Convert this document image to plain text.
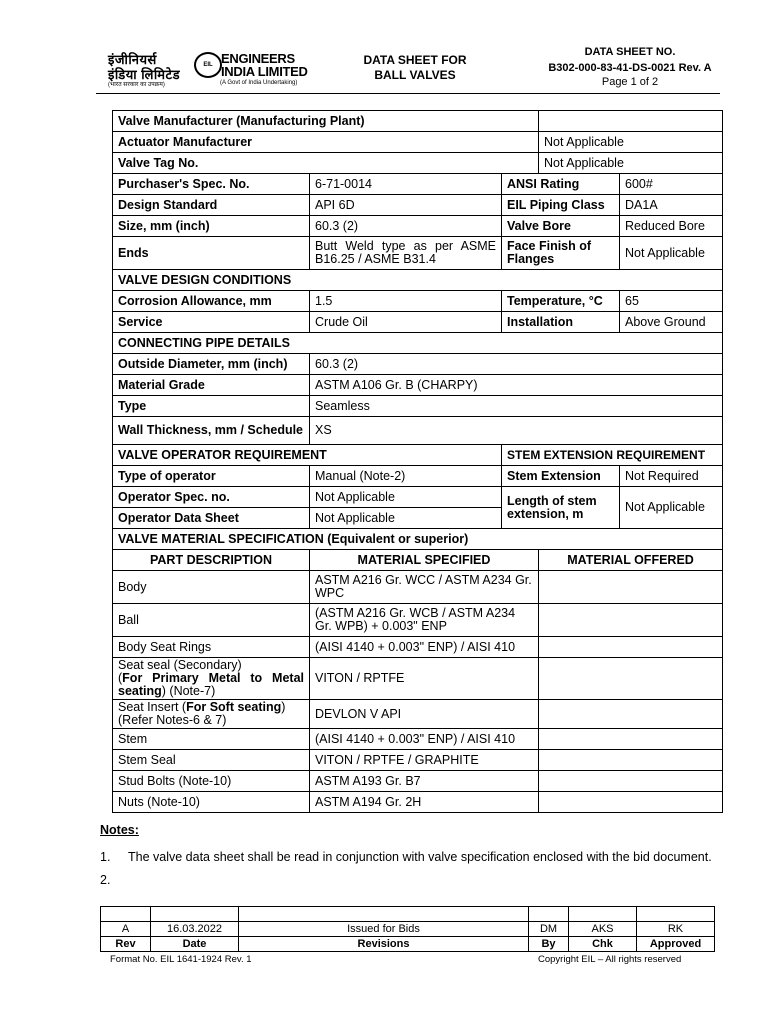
इंजीनियर्स
इंडिया लिमिटेड
EIL ENGINEERS
INDIA LIMITED
(भारत सरकार का उपक्रम)	(A Govt of India Undertaking)
DATA SHEET FOR
BALL VALVES
DATA SHEET NO.
B302-000-83-41-DS-0021 Rev. A
Page 1 of 2
Valve Manufacturer (Manufacturing Plant)				
Actuator Manufacturer			Not Applicable	
Valve Tag No.			Not Applicable	
Purchaser's Spec. No.	6-71-0014	ANSI Rating		600#
Design Standard	API 6D	EIL Piping Class		DA1A
Size, mm (inch)	60.3 (2)	Valve Bore		Reduced Bore
Ends	Butt Weld type as per ASME B16.25 / ASME B31.4	Face Finish of Flanges		Not Applicable
VALVE DESIGN CONDITIONS				
Corrosion Allowance, mm	1.5	Temperature, °C		65
Service	Crude Oil	Installation		Above Ground
CONNECTING PIPE DETAILS				
Outside Diameter, mm (inch)	60.3 (2)			
Material Grade	ASTM A106 Gr. B (CHARPY)			
Type	Seamless			
Wall Thickness, mm / Schedule	XS			
VALVE OPERATOR REQUIREMENT		STEM EXTENSION REQUIREMENT		
Type of operator	Manual (Note-2)	Stem Extension		Not Required
Operator Spec. no.	Not Applicable	Length of stem extension, m		Not Applicable
Operator Data Sheet	Not Applicable			
VALVE MATERIAL SPECIFICATION (Equivalent or superior)				
PART DESCRIPTION	MATERIAL SPECIFIED		MATERIAL OFFERED	
Body	ASTM A216 Gr. WCC / ASTM A234 Gr. WPC			
Ball	(ASTM A216 Gr. WCB / ASTM A234 Gr. WPB) + 0.003" ENP			
Body Seat Rings	(AISI 4140 + 0.003" ENP) / AISI 410			
Seat seal (Secondary)
(For Primary Metal to Metal seating) (Note-7)	VITON / RPTFE			
Seat Insert (For Soft seating) (Refer Notes-6 & 7)	DEVLON V API			
Stem	(AISI 4140 + 0.003" ENP) / AISI 410			
Stem Seal	VITON / RPTFE / GRAPHITE			
Stud Bolts (Note-10)	ASTM A193 Gr. B7			
Nuts (Note-10)	ASTM A194 Gr. 2H			
Notes:
1. The valve data sheet shall be read in conjunction with valve specification enclosed with the bid document.
2.

A	16.03.2022	Issued for Bids	DM	AKS	RK
Rev	Date	Revisions	By	Chk	Approved
Format No. EIL 1641-1924 Rev. 1	Copyright EIL – All rights reserved
